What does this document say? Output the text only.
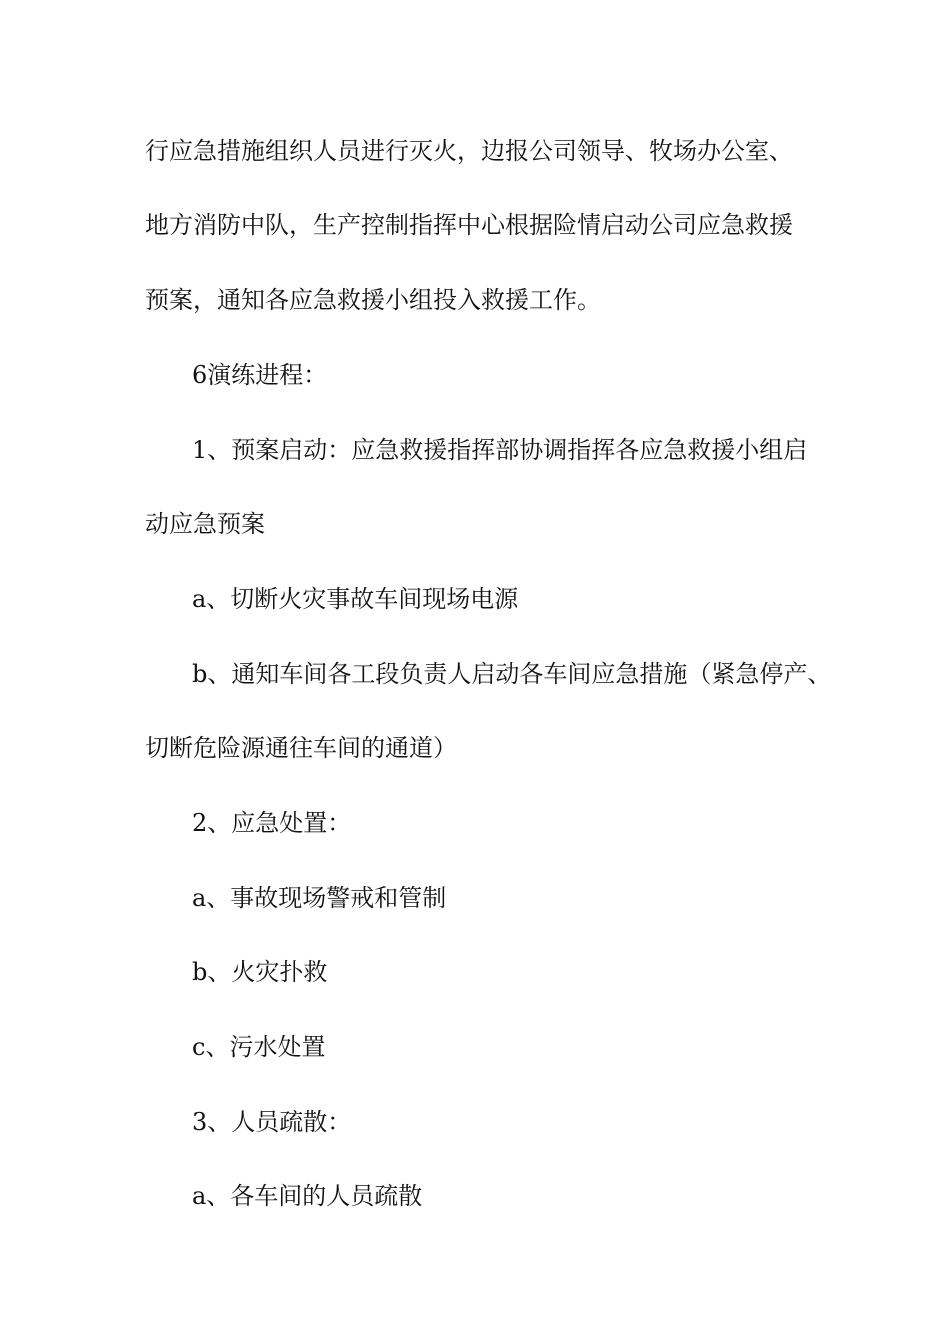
行应急措施组织人员进行灭火，边报公司领导、牧场办公室、
地方消防中队，生产控制指挥中心根据险情启动公司应急救援
预案，通知各应急救援小组投入救援工作。
6演练进程：
1、预案启动：应急救援指挥部协调指挥各应急救援小组启
动应急预案
a、切断火灾事故车间现场电源
b、通知车间各工段负责人启动各车间应急措施（紧急停产、
切断危险源通往车间的通道）
2、应急处置：
a、事故现场警戒和管制
b、火灾扑救
c、污水处置
3、人员疏散：
a、各车间的人员疏散
